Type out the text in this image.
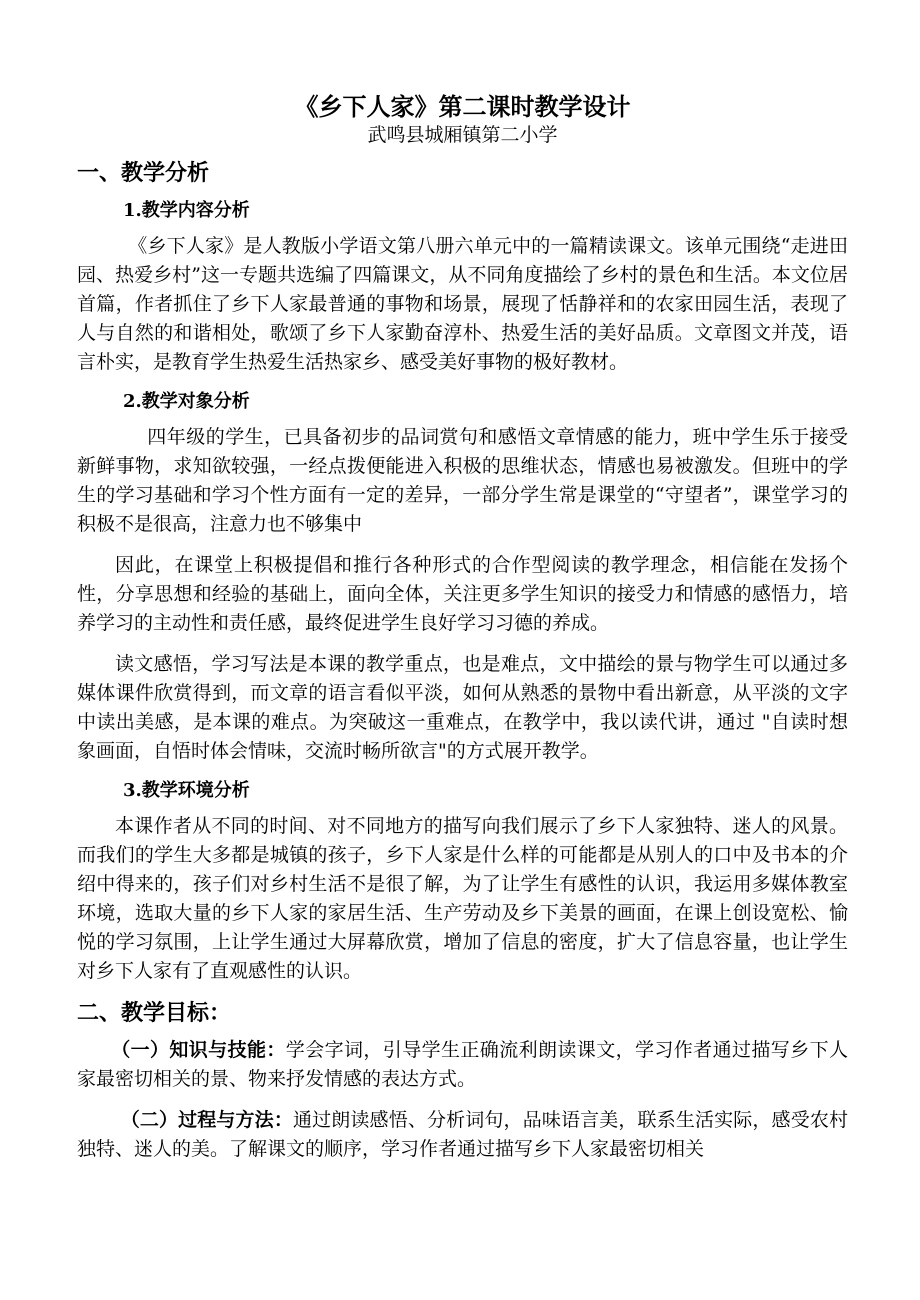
《乡下人家》第二课时教学设计

武鸣县城厢镇第二小学

一、教学分析
1.教学内容分析

《乡下人家》是人教版小学语文第八册六单元中的一篇精读课文。该单元围绕“走进田园、热爱乡村”这一专题共选编了四篇课文，从不同角度描绘了乡村的景色和生活。本文位居首篇，作者抓住了乡下人家最普通的事物和场景，展现了恬静祥和的农家田园生活，表现了人与自然的和谐相处，歌颂了乡下人家勤奋淳朴、热爱生活的美好品质。文章图文并茂，语言朴实，是教育学生热爱生活热家乡、感受美好事物的极好教材。

2.教学对象分析

四年级的学生，已具备初步的品词赏句和感悟文章情感的能力，班中学生乐于接受新鲜事物，求知欲较强，一经点拨便能进入积极的思维状态，情感也易被激发。但班中的学生的学习基础和学习个性方面有一定的差异，一部分学生常是课堂的“守望者”，课堂学习的积极不是很高，注意力也不够集中

因此，在课堂上积极提倡和推行各种形式的合作型阅读的教学理念，相信能在发扬个性，分享思想和经验的基础上，面向全体，关注更多学生知识的接受力和情感的感悟力，培养学习的主动性和责任感，最终促进学生良好学习习德的养成。

读文感悟，学习写法是本课的教学重点，也是难点，文中描绘的景与物学生可以通过多媒体课件欣赏得到，而文章的语言看似平淡，如何从熟悉的景物中看出新意，从平淡的文字中读出美感，是本课的难点。为突破这一重难点，在教学中，我以读代讲，通过 "自读时想象画面，自悟时体会情味，交流时畅所欲言"的方式展开教学。

3.教学环境分析

本课作者从不同的时间、对不同地方的描写向我们展示了乡下人家独特、迷人的风景。而我们的学生大多都是城镇的孩子，乡下人家是什么样的可能都是从别人的口中及书本的介绍中得来的，孩子们对乡村生活不是很了解，为了让学生有感性的认识，我运用多媒体教室环境，选取大量的乡下人家的家居生活、生产劳动及乡下美景的画面，在课上创设宽松、愉悦的学习氛围，上让学生通过大屏幕欣赏，增加了信息的密度，扩大了信息容量，也让学生对乡下人家有了直观感性的认识。

二、教学目标：

（一）知识与技能：学会字词，引导学生正确流利朗读课文，学习作者通过描写乡下人家最密切相关的景、物来抒发情感的表达方式。

（二）过程与方法：通过朗读感悟、分析词句，品味语言美，联系生活实际，感受农村独特、迷人的美。了解课文的顺序，学习作者通过描写乡下人家最密切相关
